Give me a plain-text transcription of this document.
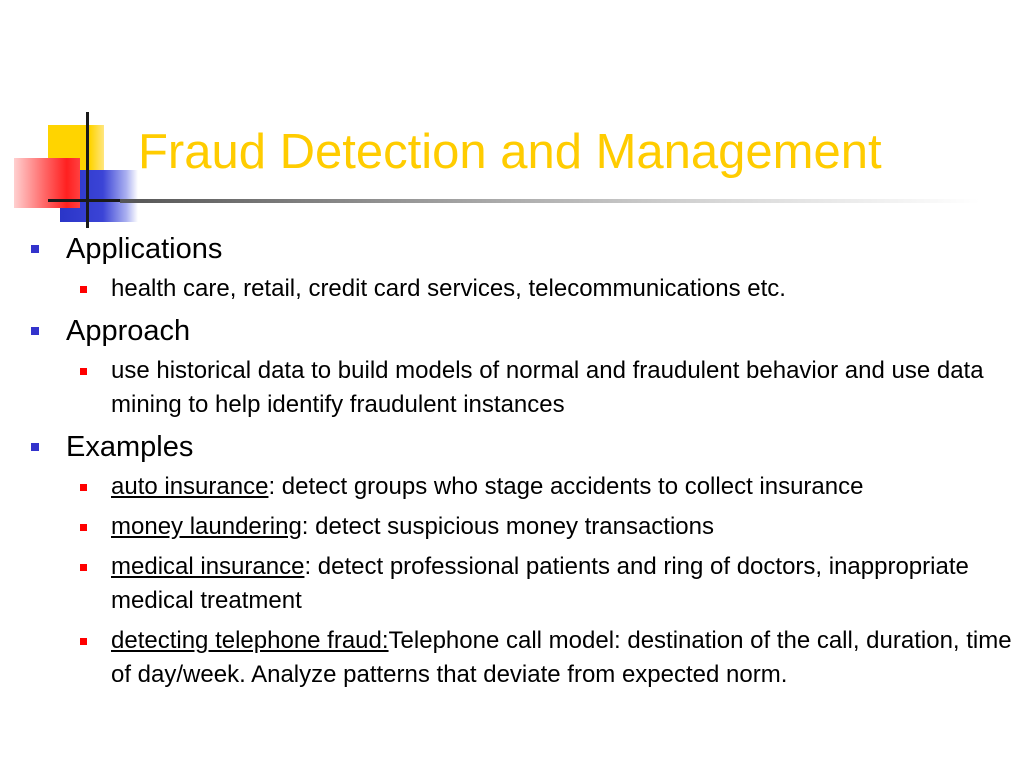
Fraud Detection and Management
Applications
health care, retail, credit card services, telecommunications etc.
Approach
use historical data to build models of normal and fraudulent behavior and use data mining to help identify fraudulent instances
Examples
auto insurance: detect groups who stage accidents to collect insurance
money laundering: detect suspicious money transactions
medical insurance: detect professional patients and ring of doctors, inappropriate medical treatment
detecting telephone fraud:Telephone call model: destination of the call, duration, time of day/week. Analyze patterns that deviate from expected norm.
